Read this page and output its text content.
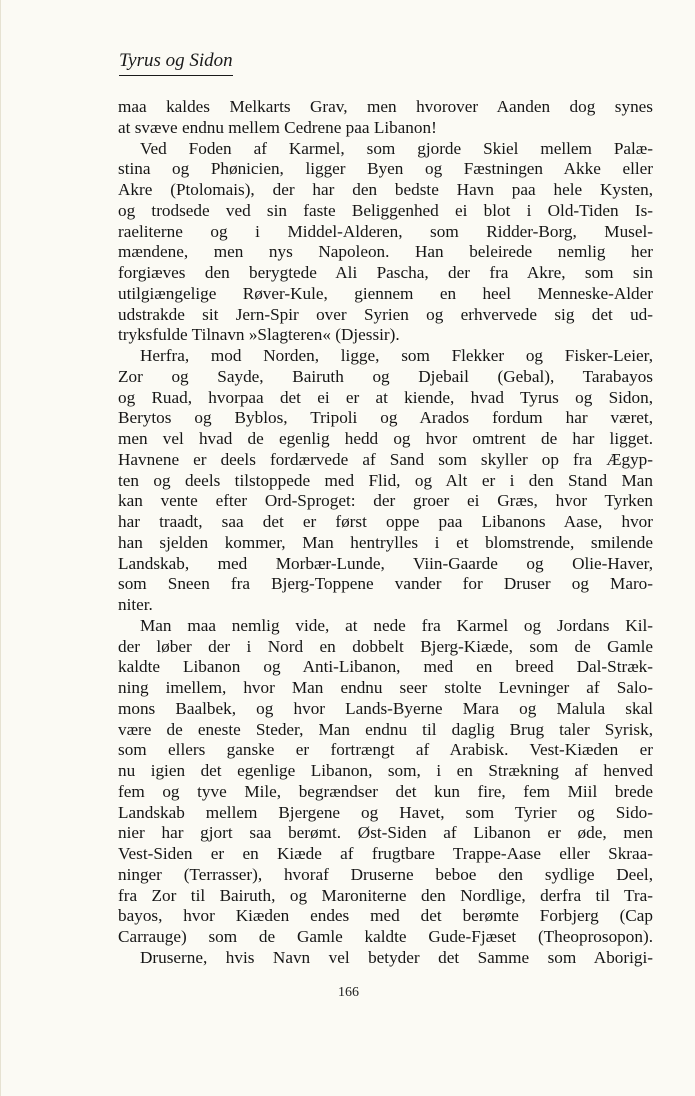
Tyrus og Sidon
maa kaldes Melkarts Grav, men hvorover Aanden dog synes
at svæve endnu mellem Cedrene paa Libanon!
Ved Foden af Karmel, som gjorde Skiel mellem Palæ-
stina og Phønicien, ligger Byen og Fæstningen Akke eller
Akre (Ptolomais), der har den bedste Havn paa hele Kysten,
og trodsede ved sin faste Beliggenhed ei blot i Old-Tiden Is-
raeliterne og i Middel-Alderen, som Ridder-Borg, Musel-
mændene, men nys Napoleon. Han beleirede nemlig her
forgiæves den berygtede Ali Pascha, der fra Akre, som sin
utilgiængelige Røver-Kule, giennem en heel Menneske-Alder
udstrakde sit Jern-Spir over Syrien og erhvervede sig det ud-
tryksfulde Tilnavn »Slagteren« (Djessir).
Herfra, mod Norden, ligge, som Flekker og Fisker-Leier,
Zor og Sayde, Bairuth og Djebail (Gebal), Tarabayos
og Ruad, hvorpaa det ei er at kiende, hvad Tyrus og Sidon,
Berytos og Byblos, Tripoli og Arados fordum har været,
men vel hvad de egenlig hedd og hvor omtrent de har ligget.
Havnene er deels fordærvede af Sand som skyller op fra Ægyp-
ten og deels tilstoppede med Flid, og Alt er i den Stand Man
kan vente efter Ord-Sproget: der groer ei Græs, hvor Tyrken
har traadt, saa det er først oppe paa Libanons Aase, hvor
han sjelden kommer, Man hentrylles i et blomstrende, smilende
Landskab, med Morbær-Lunde, Viin-Gaarde og Olie-Haver,
som Sneen fra Bjerg-Toppene vander for Druser og Maro-
niter.
Man maa nemlig vide, at nede fra Karmel og Jordans Kil-
der løber der i Nord en dobbelt Bjerg-Kiæde, som de Gamle
kaldte Libanon og Anti-Libanon, med en breed Dal-Stræk-
ning imellem, hvor Man endnu seer stolte Levninger af Salo-
mons Baalbek, og hvor Lands-Byerne Mara og Malula skal
være de eneste Steder, Man endnu til daglig Brug taler Syrisk,
som ellers ganske er fortrængt af Arabisk. Vest-Kiæden er
nu igien det egenlige Libanon, som, i en Strækning af henved
fem og tyve Mile, begrændser det kun fire, fem Miil brede
Landskab mellem Bjergene og Havet, som Tyrier og Sido-
nier har gjort saa berømt. Øst-Siden af Libanon er øde, men
Vest-Siden er en Kiæde af frugtbare Trappe-Aase eller Skraa-
ninger (Terrasser), hvoraf Druserne beboe den sydlige Deel,
fra Zor til Bairuth, og Maroniterne den Nordlige, derfra til Tra-
bayos, hvor Kiæden endes med det berømte Forbjerg (Cap
Carrauge) som de Gamle kaldte Gude-Fjæset (Theoprosopon).
Druserne, hvis Navn vel betyder det Samme som Aborigi-
166
